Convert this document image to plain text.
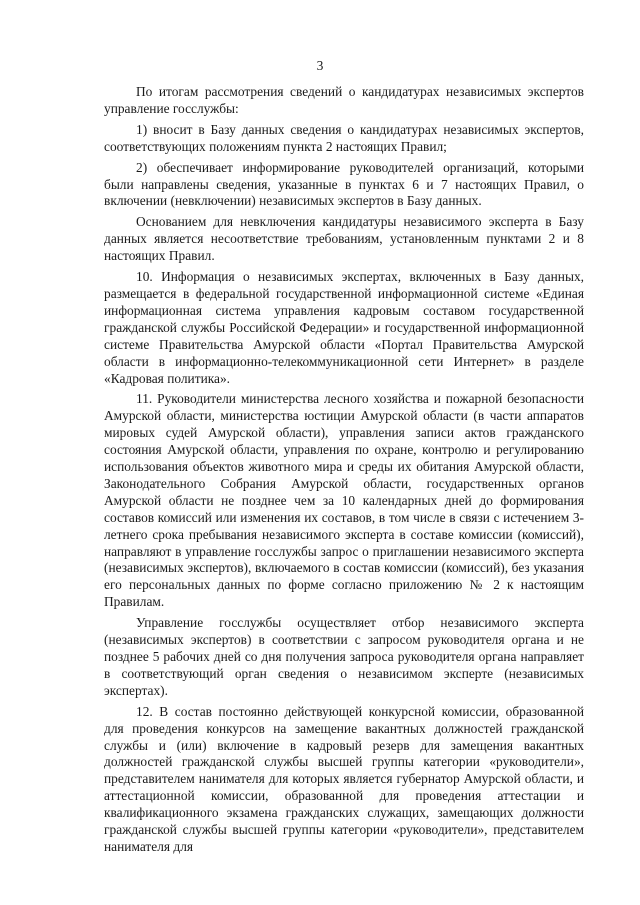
3

По итогам рассмотрения сведений о кандидатурах независимых экспертов управление госслужбы:

1) вносит в Базу данных сведения о кандидатурах независимых экспертов, соответствующих положениям пункта 2 настоящих Правил;

2) обеспечивает информирование руководителей организаций, которыми были направлены сведения, указанные в пунктах 6 и 7 настоящих Правил, о включении (невключении) независимых экспертов в Базу данных.

Основанием для невключения кандидатуры независимого эксперта в Базу данных является несоответствие требованиям, установленным пунктами 2 и 8 настоящих Правил.

10. Информация о независимых экспертах, включенных в Базу данных, размещается в федеральной государственной информационной системе «Единая информационная система управления кадровым составом государственной гражданской службы Российской Федерации» и государственной информационной системе Правительства Амурской области «Портал Правительства Амурской области в информационно-телекоммуникационной сети Интернет» в разделе «Кадровая политика».

11. Руководители министерства лесного хозяйства и пожарной безопасности Амурской области, министерства юстиции Амурской области (в части аппаратов мировых судей Амурской области), управления записи актов гражданского состояния Амурской области, управления по охране, контролю и регулированию использования объектов животного мира и среды их обитания Амурской области, Законодательного Собрания Амурской области, государственных органов Амурской области не позднее чем за 10 календарных дней до формирования составов комиссий или изменения их составов, в том числе в связи с истечением 3-летнего срока пребывания независимого эксперта в составе комиссии (комиссий), направляют в управление госслужбы запрос о приглашении независимого эксперта (независимых экспертов), включаемого в состав комиссии (комиссий), без указания его персональных данных по форме согласно приложению № 2 к настоящим Правилам.

Управление госслужбы осуществляет отбор независимого эксперта (независимых экспертов) в соответствии с запросом руководителя органа и не позднее 5 рабочих дней со дня получения запроса руководителя органа направляет в соответствующий орган сведения о независимом эксперте (независимых экспертах).

12. В состав постоянно действующей конкурсной комиссии, образованной для проведения конкурсов на замещение вакантных должностей гражданской службы и (или) включение в кадровый резерв для замещения вакантных должностей гражданской службы высшей группы категории «руководители», представителем нанимателя для которых является губернатор Амурской области, и аттестационной комиссии, образованной для проведения аттестации и квалификационного экзамена гражданских служащих, замещающих должности гражданской службы высшей группы категории «руководители», представителем нанимателя для
